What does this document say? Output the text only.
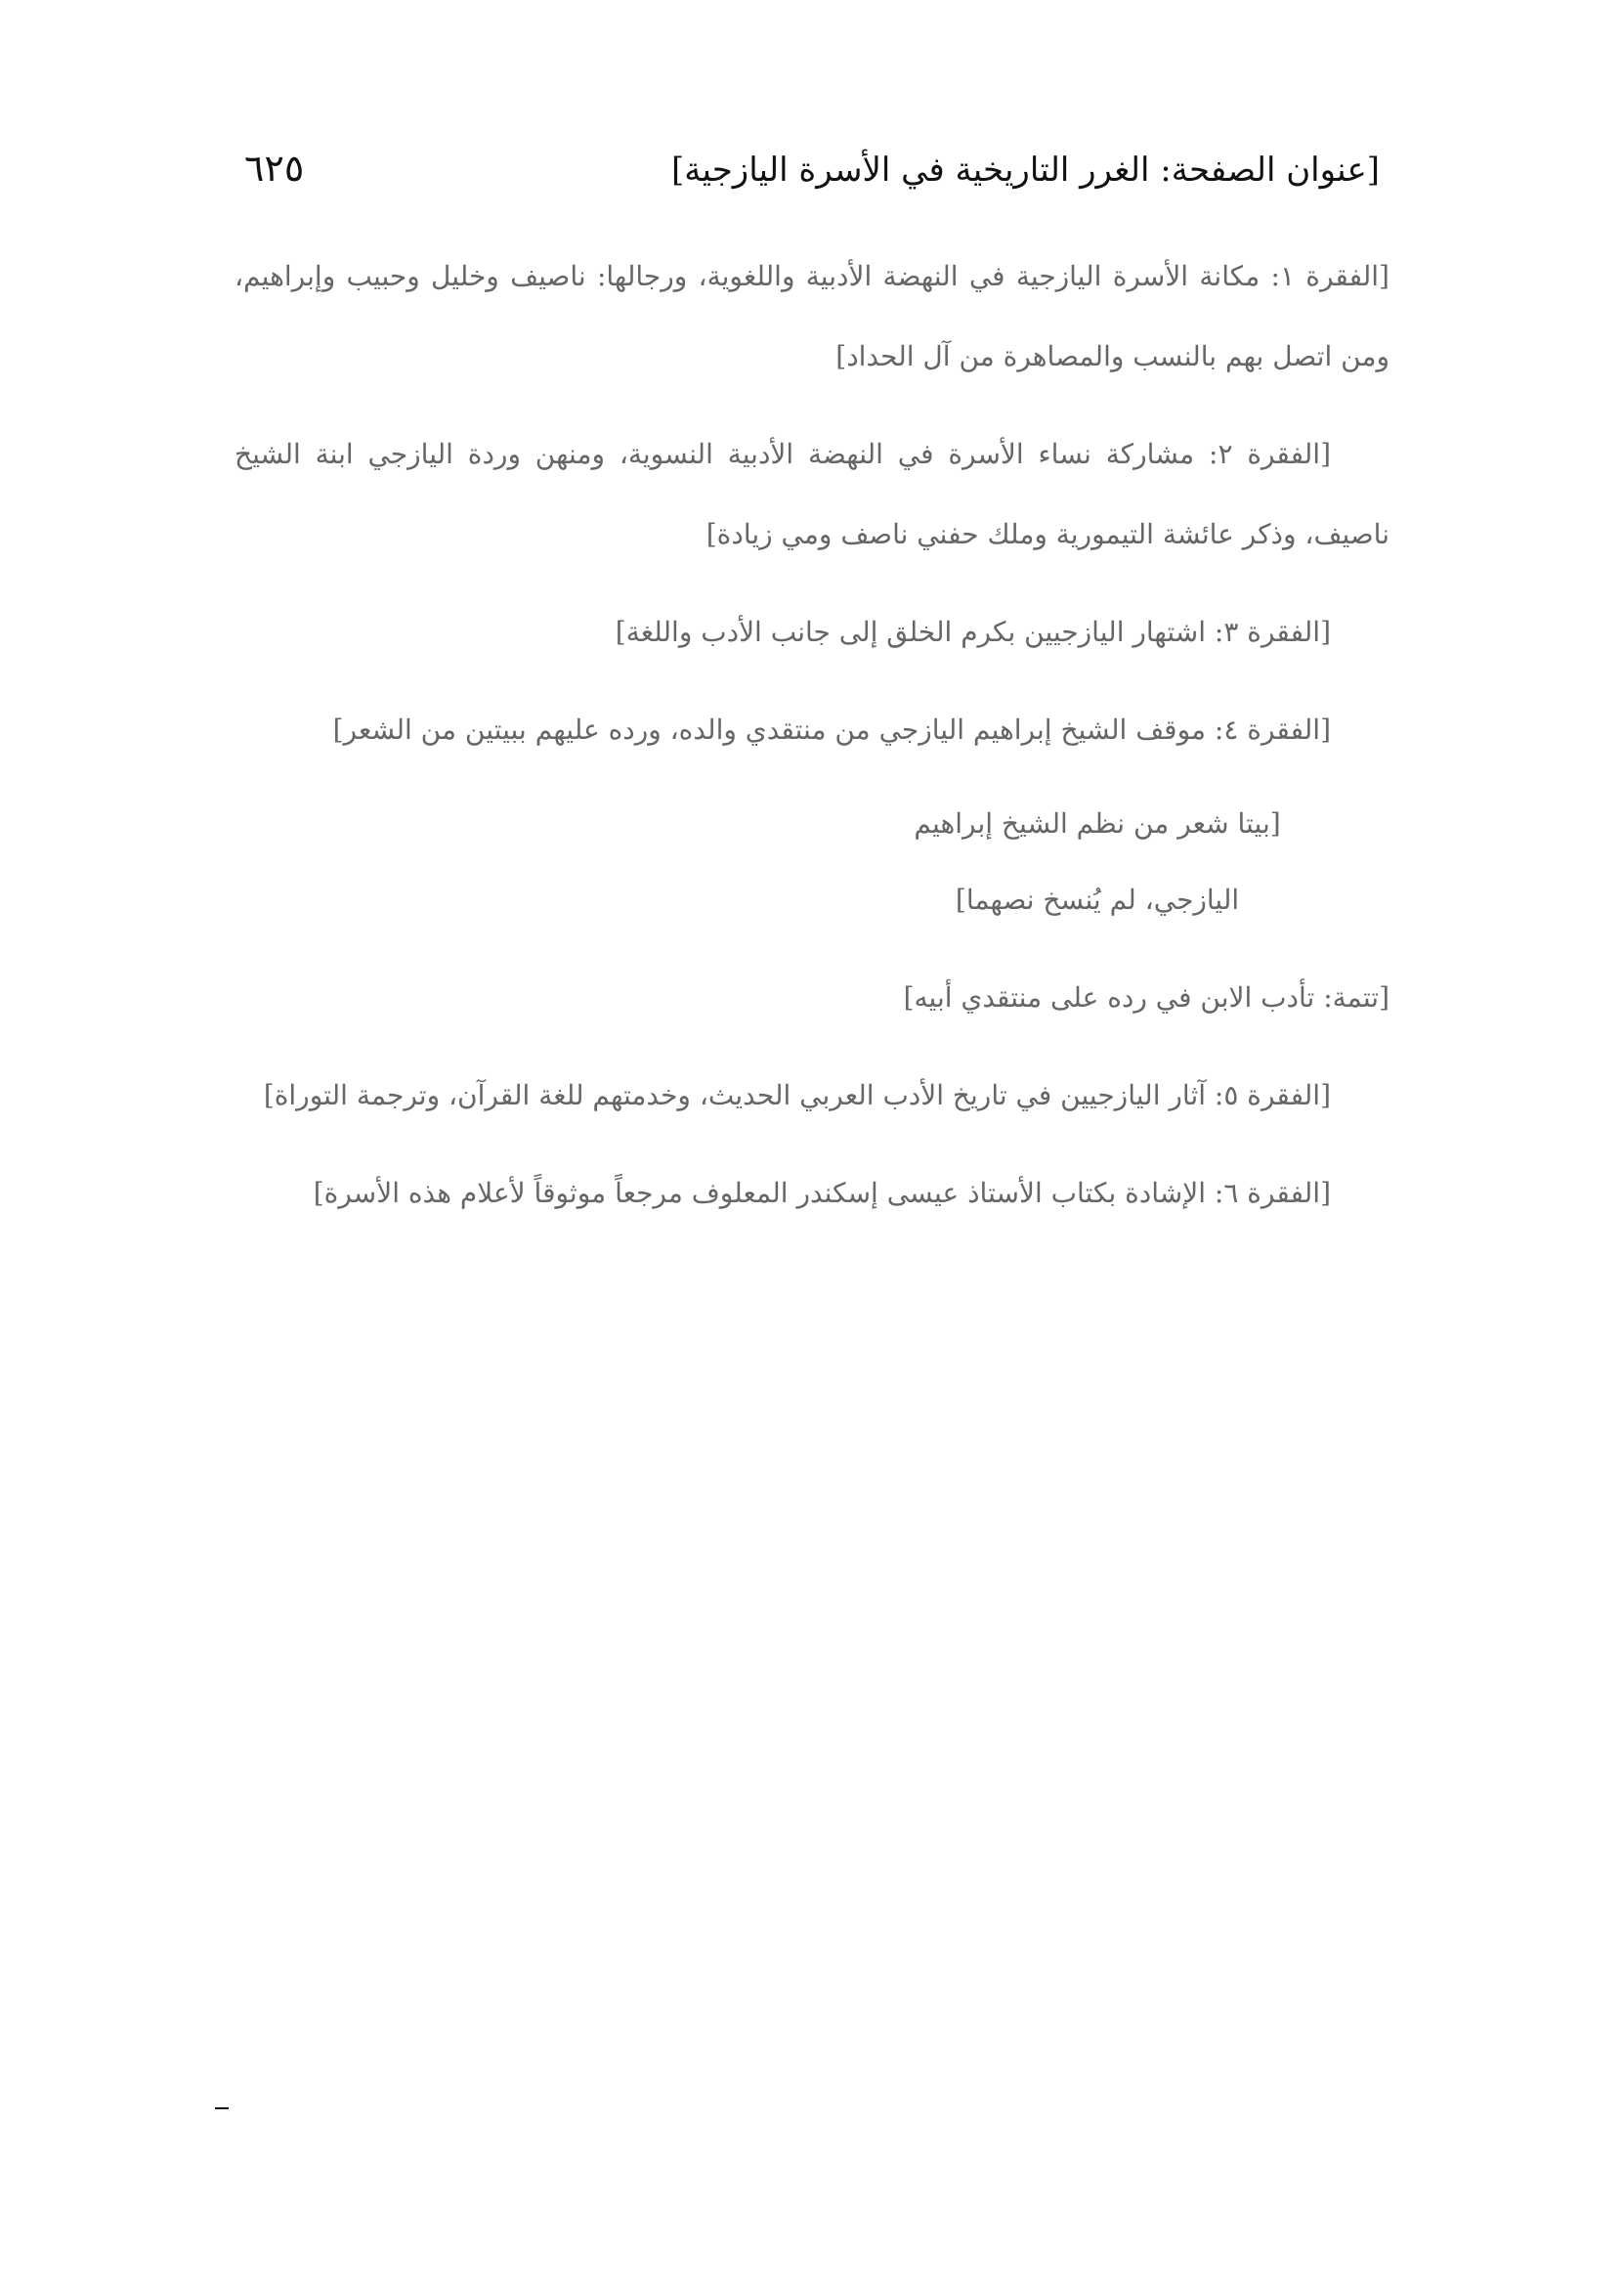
[عنوان الصفحة: الغرر التاريخية في الأسرة اليازجية]
٦٢٥

[الفقرة ١: مكانة الأسرة اليازجية في النهضة الأدبية واللغوية، ورجالها: ناصيف وخليل وحبيب وإبراهيم، ومن اتصل بهم بالنسب والمصاهرة من آل الحداد]

[الفقرة ٢: مشاركة نساء الأسرة في النهضة الأدبية النسوية، ومنهن وردة اليازجي ابنة الشيخ ناصيف، وذكر عائشة التيمورية وملك حفني ناصف ومي زيادة]

[الفقرة ٣: اشتهار اليازجيين بكرم الخلق إلى جانب الأدب واللغة]

[الفقرة ٤: موقف الشيخ إبراهيم اليازجي من منتقدي والده، ورده عليهم ببيتين من الشعر]

[بيتا شعر من نظم الشيخ إبراهيم اليازجي، لم يُنسخ نصهما]

[تتمة: تأدب الابن في رده على منتقدي أبيه]

[الفقرة ٥: آثار اليازجيين في تاريخ الأدب العربي الحديث، وخدمتهم للغة القرآن، وترجمة التوراة]

[الفقرة ٦: الإشادة بكتاب الأستاذ عيسى إسكندر المعلوف مرجعاً موثوقاً لأعلام هذه الأسرة]
